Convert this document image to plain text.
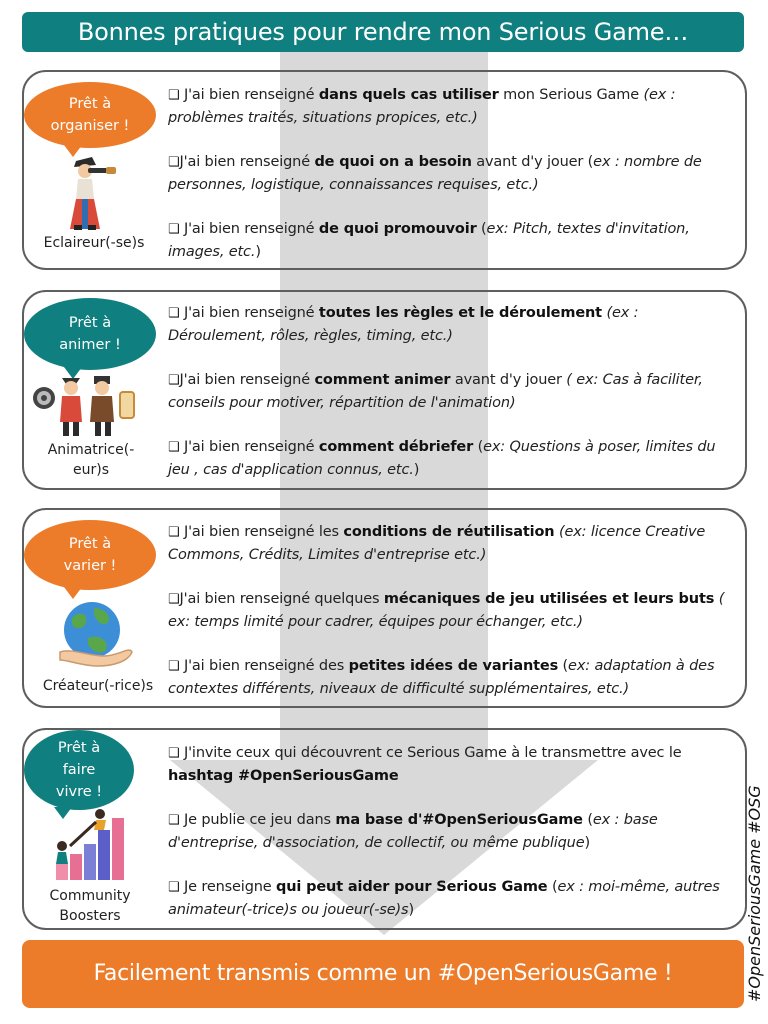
Bonnes pratiques pour rendre mon Serious Game…
Prêt à
organiser !
Prêt à
animer !
Prêt à
varier !
Prêt à
faire
vivre !
Eclaireur(-se)s
Animatrice(-eur)s
Créateur(-rice)s
Community Boosters

❑ J'ai bien renseigné dans quels cas utiliser mon Serious Game (ex : problèmes traités, situations propices, etc.)

❑J'ai bien renseigné de quoi on a besoin avant d'y jouer (ex : nombre de personnes, logistique, connaissances requises, etc.)

❑ J'ai bien renseigné de quoi promouvoir (ex: Pitch, textes d'invitation, images, etc.)

❑ J'ai bien renseigné toutes les règles et le déroulement (ex : Déroulement, rôles, règles, timing, etc.)

❑J'ai bien renseigné comment animer avant d'y jouer ( ex: Cas à faciliter, conseils pour motiver, répartition de l'animation)

❑ J'ai bien renseigné comment débriefer (ex: Questions à poser, limites du jeu , cas d'application connus, etc.)

❑ J'ai bien renseigné les conditions de réutilisation (ex: licence Creative Commons, Crédits, Limites d'entreprise etc.)

❑J'ai bien renseigné quelques mécaniques de jeu utilisées et leurs buts ( ex: temps limité pour cadrer, équipes pour échanger, etc.)

❑ J'ai bien renseigné des petites idées de variantes (ex: adaptation à des contextes différents, niveaux de difficulté supplémentaires, etc.)

❑ J'invite ceux qui découvrent ce Serious Game à le transmettre avec le hashtag #OpenSeriousGame

❑ Je publie ce jeu dans ma base d'#OpenSeriousGame (ex : base d'entreprise, d'association, de collectif, ou même publique)

❑ Je renseigne qui peut aider pour Serious Game (ex : moi-même, autres animateur(-trice)s ou joueur(-se)s)

Facilement transmis comme un #OpenSeriousGame !	#OpenSeriousGame #OSG
